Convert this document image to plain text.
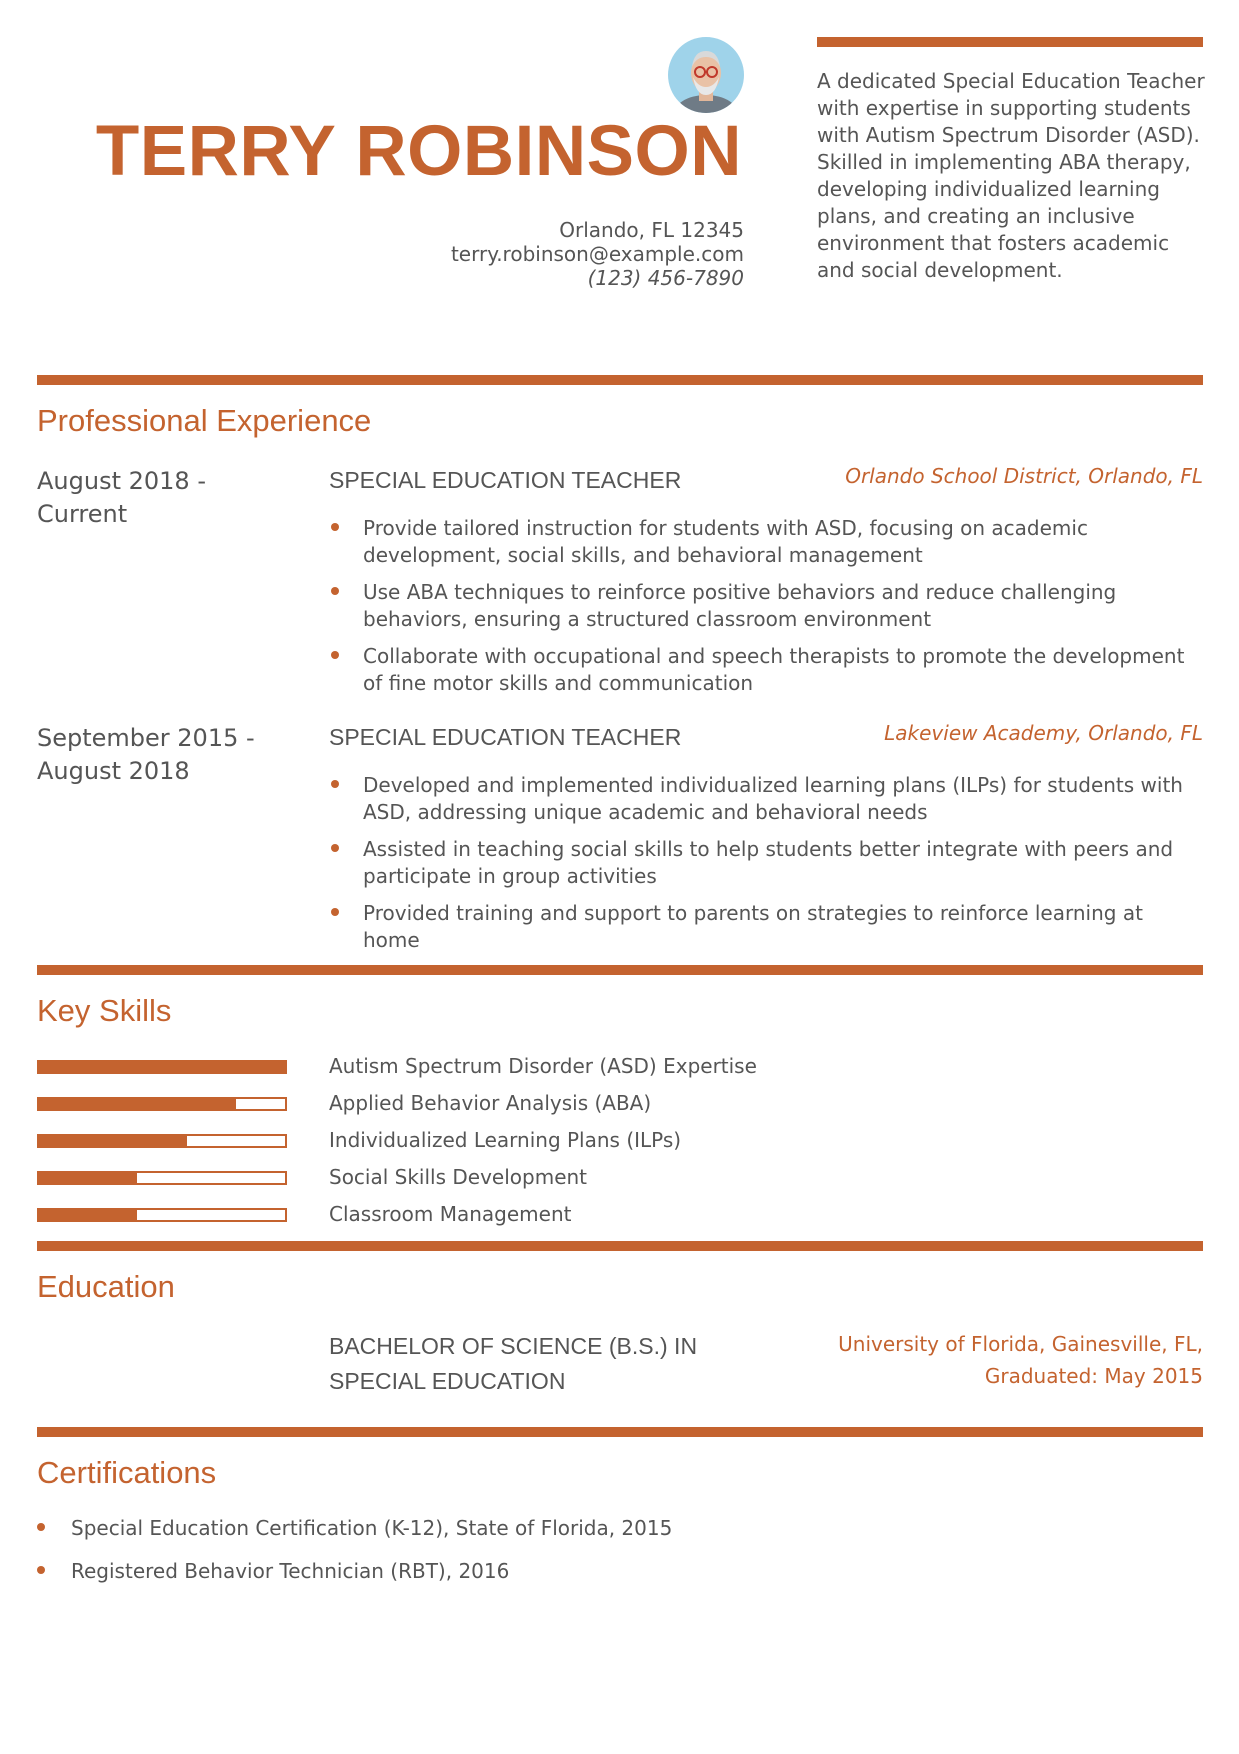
TERRY ROBINSON
Orlando, FL 12345
terry.robinson@example.com
(123) 456-7890
A dedicated Special Education Teacher with expertise in supporting students with Autism Spectrum Disorder (ASD). Skilled in implementing ABA therapy, developing individualized learning plans, and creating an inclusive environment that fosters academic and social development.
Professional Experience
August 2018 -
Current
SPECIAL EDUCATION TEACHER	Orlando School District, Orlando, FL
Provide tailored instruction for students with ASD, focusing on academic development, social skills, and behavioral management
Use ABA techniques to reinforce positive behaviors and reduce challenging behaviors, ensuring a structured classroom environment
Collaborate with occupational and speech therapists to promote the development of fine motor skills and communication
September 2015 -
August 2018
SPECIAL EDUCATION TEACHER	Lakeview Academy, Orlando, FL
Developed and implemented individualized learning plans (ILPs) for students with ASD, addressing unique academic and behavioral needs
Assisted in teaching social skills to help students better integrate with peers and participate in group activities
Provided training and support to parents on strategies to reinforce learning at home
Key Skills
Autism Spectrum Disorder (ASD) Expertise
Applied Behavior Analysis (ABA)
Individualized Learning Plans (ILPs)
Social Skills Development
Classroom Management
Education
BACHELOR OF SCIENCE (B.S.) IN
SPECIAL EDUCATION
University of Florida, Gainesville, FL,
Graduated: May 2015
Certifications
Special Education Certification (K-12), State of Florida, 2015
Registered Behavior Technician (RBT), 2016
